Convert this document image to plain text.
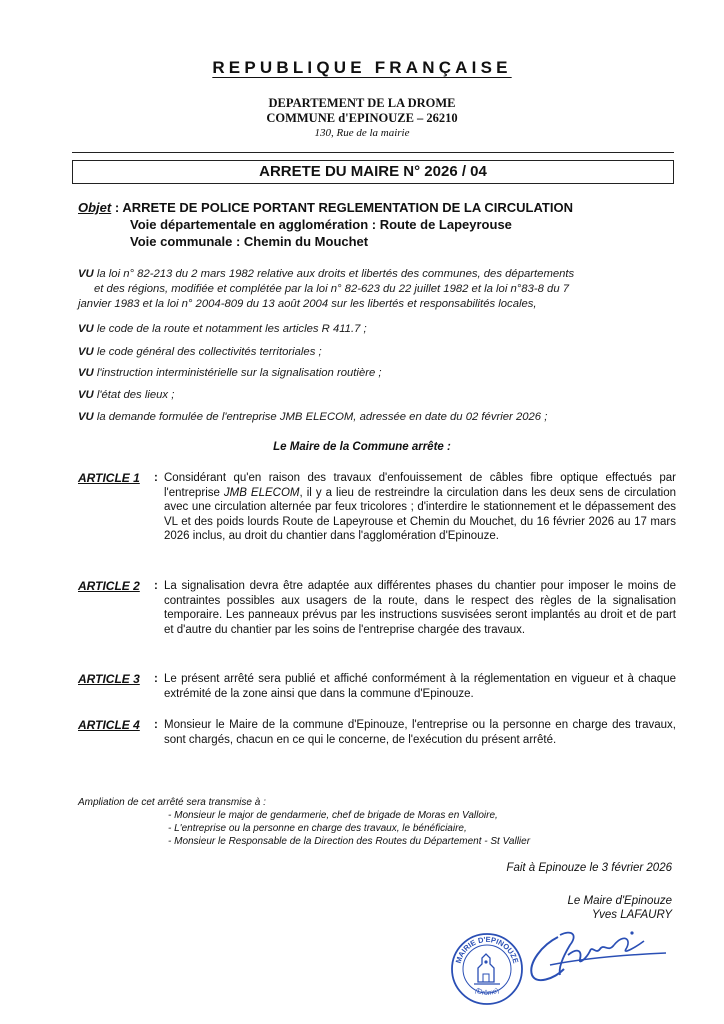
REPUBLIQUE FRANÇAISE
DEPARTEMENT DE LA DROME
COMMUNE d'EPINOUZE – 26210
130, Rue de la mairie
ARRETE DU MAIRE N° 2026 / 04
Objet : ARRETE DE POLICE PORTANT REGLEMENTATION DE LA CIRCULATION
Voie départementale en agglomération : Route de Lapeyrouse
Voie communale : Chemin du Mouchet
VU la loi n° 82-213 du 2 mars 1982 relative aux droits et libertés des communes, des départements
et des régions, modifiée et complétée par la loi n° 82-623 du 22 juillet 1982 et la loi n°83-8 du 7
janvier 1983 et la loi n° 2004-809 du 13 août 2004 sur les libertés et responsabilités locales,
VU le code de la route et notamment les articles R 411.7 ;
VU le code général des collectivités territoriales ;
VU l'instruction interministérielle sur la signalisation routière ;
VU l'état des lieux ;
VU la demande formulée de l'entreprise JMB ELECOM, adressée en date du 02 février 2026 ;
Le Maire de la Commune arrête :
ARTICLE 1 : Considérant qu'en raison des travaux d'enfouissement de câbles fibre optique effectués par l'entreprise JMB ELECOM, il y a lieu de restreindre la circulation dans les deux sens de circulation avec une circulation alternée par feux tricolores ; d'interdire le stationnement et le dépassement des VL et des poids lourds Route de Lapeyrouse et Chemin du Mouchet, du 16 février 2026 au 17 mars 2026 inclus, au droit du chantier dans l'agglomération d'Epinouze.
ARTICLE 2 : La signalisation devra être adaptée aux différentes phases du chantier pour imposer le moins de contraintes possibles aux usagers de la route, dans le respect des règles de la signalisation temporaire. Les panneaux prévus par les instructions susvisées seront implantés au droit et de part et d'autre du chantier par les soins de l'entreprise chargée des travaux.
ARTICLE 3 : Le présent arrêté sera publié et affiché conformément à la réglementation en vigueur et à chaque extrémité de la zone ainsi que dans la commune d'Epinouze.
ARTICLE 4 : Monsieur le Maire de la commune d'Epinouze, l'entreprise ou la personne en charge des travaux, sont chargés, chacun en ce qui le concerne, de l'exécution du présent arrêté.
Ampliation de cet arrêté sera transmise à :
- Monsieur le major de gendarmerie, chef de brigade de Moras en Valloire,
- L'entreprise ou la personne en charge des travaux, le bénéficiaire,
- Monsieur le Responsable de la Direction des Routes du Département - St Vallier
Fait à Epinouze le 3 février 2026
Le Maire d'Epinouze
Yves LAFAURY
MAIRIE D'EPINOUZE
(Drôme)
